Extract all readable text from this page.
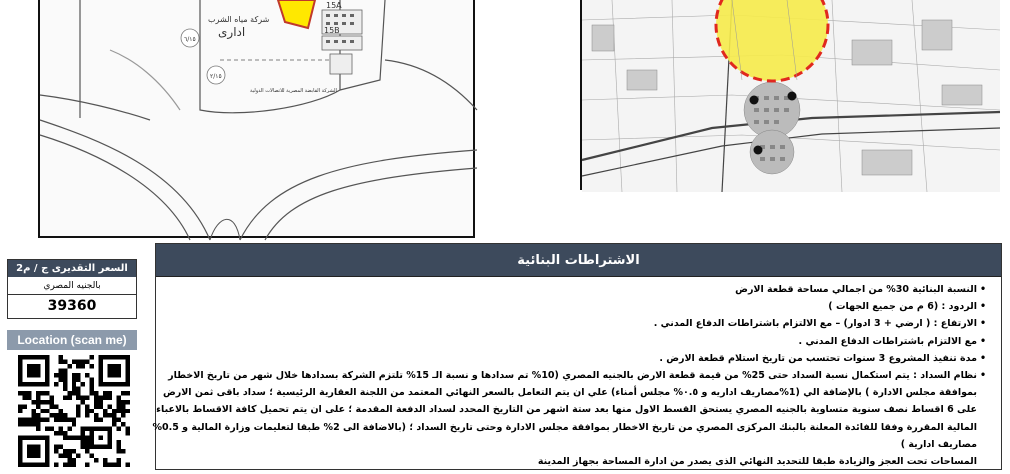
شركة مياه الشرب
ادارى
15A
15B
٦/١٥
٢/١٥
الشركة القابضة المصرية للاتصالات الدولية
السعر التقديرى ج / م2
بالجنيه المصري
39360
Location (scan me)
الاشتراطات البنائية
•النسبة البنائية 30% من اجمالي مساحة قطعة الارض
•الردود : (6 م من جميع الجهات )
•الارتفاع : ( ارضي + 3 ادوار) – مع الالتزام باشتراطات الدفاع المدني .
•مع الالتزام باشتراطات الدفاع المدني .
•مدة تنفيذ المشروع 3 سنوات تحتسب من تاريخ استلام قطعة الارض .
•نظام السداد : يتم استكمال نسبة السداد حتى 25% من قيمة قطعة الارض بالجنيه المصري (10% تم سدادها و نسبة الـ 15% تلتزم الشركة بسدادها خلال شهر من تاريخ الاخطار
بموافقة مجلس الادارة ) بالإضافة الي (1%مصاريف اداريه و ٠.٥% مجلس أمناء) علي ان يتم التعامل بالسعر النهائي المعتمد من اللجنة العقارية الرئيسية ؛ سداد باقى ثمن الارض
على 6 اقساط نصف سنوية متساوية بالجنيه المصري يستحق القسط الاول منها بعد ستة اشهر من التاريخ المحدد لسداد الدفعة المقدمة ؛ على ان يتم تحميل كافة الاقساط بالاعباء
المالية المقررة وفقا للفائدة المعلنة بالبنك المركزى المصري من تاريخ الاخطار بموافقة مجلس الادارة وحتى تاريخ السداد ؛ (بالاضافة الى 2% طبقا لتعليمات وزارة المالية و 0.5%
مصاريف ادارية )
المساحات تحت العجز والزيادة طبقا للتحديد النهائي الذى يصدر من ادارة المساحة بجهاز المدينة
